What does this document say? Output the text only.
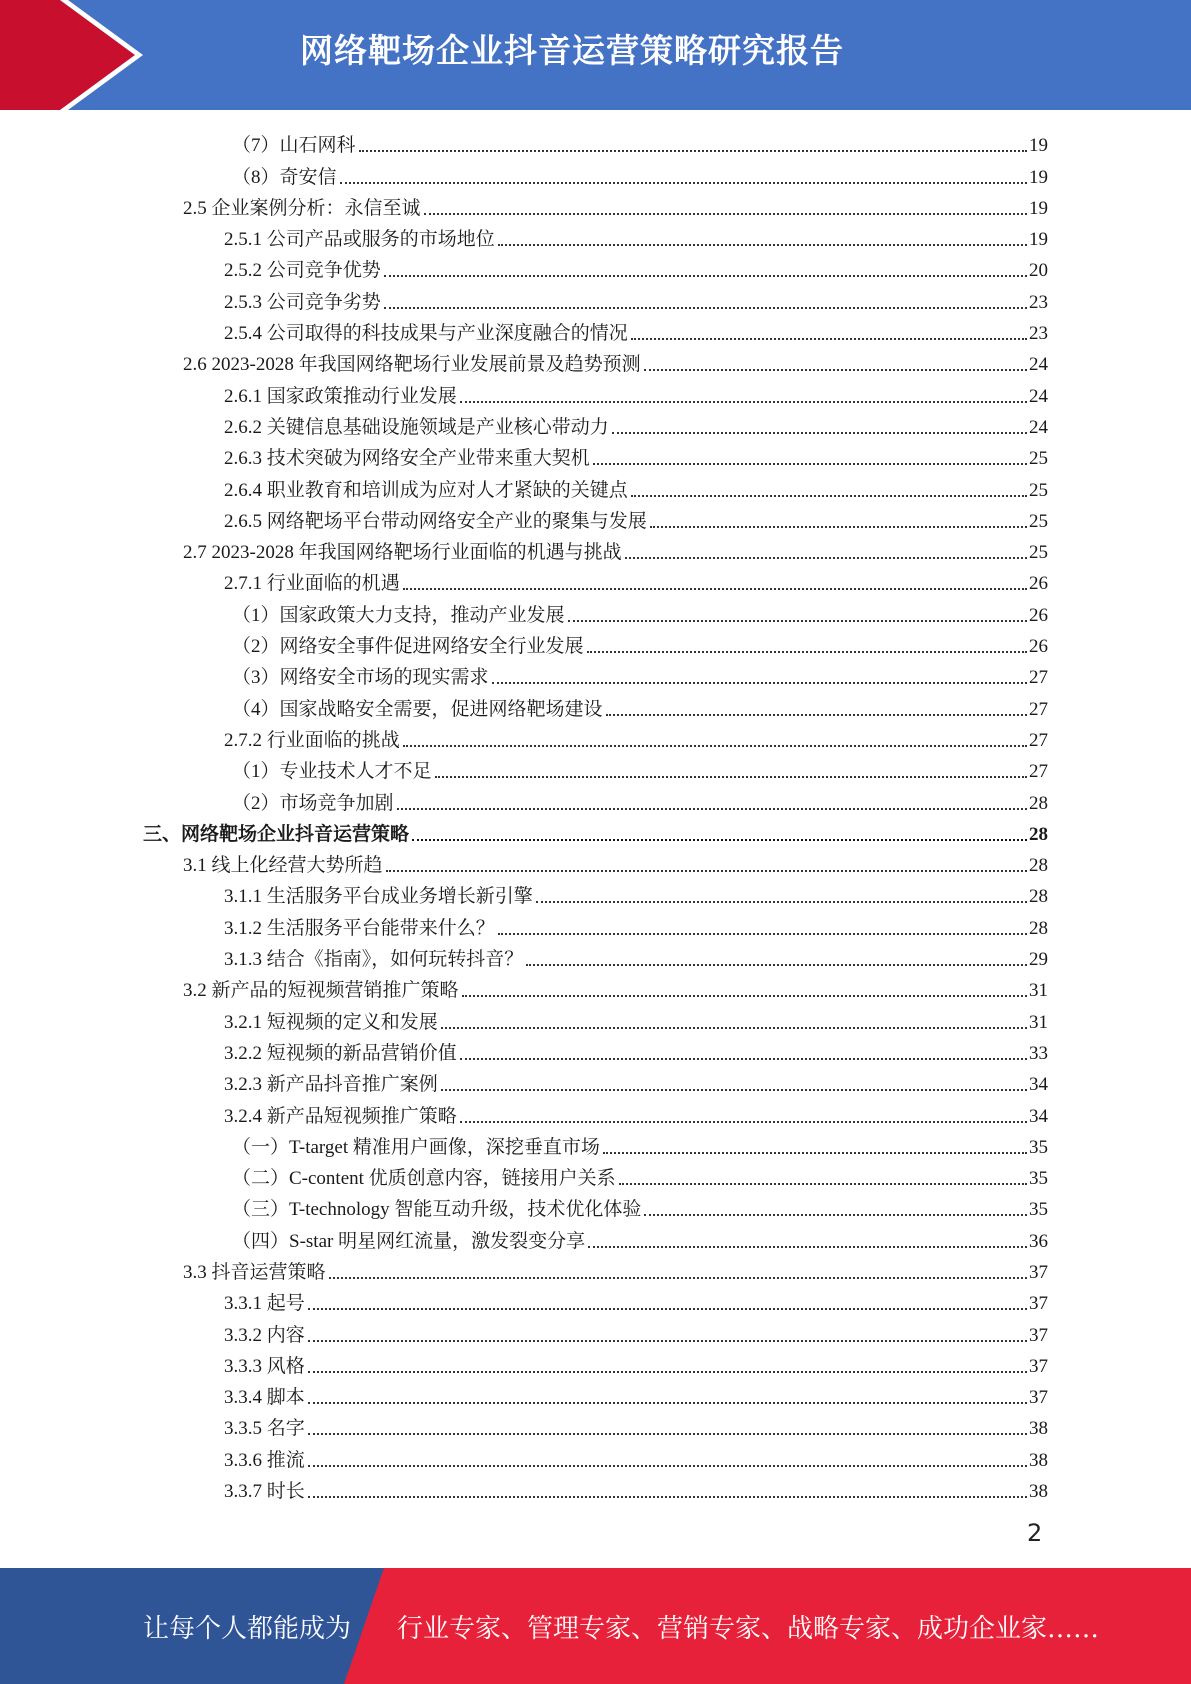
网络靶场企业抖音运营策略研究报告
（7）山石网科	19
（8）奇安信	19
2.5 企业案例分析：永信至诚	19
2.5.1 公司产品或服务的市场地位	19
2.5.2 公司竞争优势	20
2.5.3 公司竞争劣势	23
2.5.4 公司取得的科技成果与产业深度融合的情况	23
2.6 2023-2028 年我国网络靶场行业发展前景及趋势预测	24
2.6.1 国家政策推动行业发展	24
2.6.2 关键信息基础设施领域是产业核心带动力	24
2.6.3 技术突破为网络安全产业带来重大契机	25
2.6.4 职业教育和培训成为应对人才紧缺的关键点	25
2.6.5 网络靶场平台带动网络安全产业的聚集与发展	25
2.7 2023-2028 年我国网络靶场行业面临的机遇与挑战	25
2.7.1 行业面临的机遇	26
（1）国家政策大力支持，推动产业发展	26
（2）网络安全事件促进网络安全行业发展	26
（3）网络安全市场的现实需求	27
（4）国家战略安全需要，促进网络靶场建设	27
2.7.2 行业面临的挑战	27
（1）专业技术人才不足	27
（2）市场竞争加剧	28
三、网络靶场企业抖音运营策略	28
3.1 线上化经营大势所趋	28
3.1.1 生活服务平台成业务增长新引擎	28
3.1.2 生活服务平台能带来什么？	28
3.1.3 结合《指南》，如何玩转抖音？	29
3.2 新产品的短视频营销推广策略	31
3.2.1 短视频的定义和发展	31
3.2.2 短视频的新品营销价值	33
3.2.3 新产品抖音推广案例	34
3.2.4 新产品短视频推广策略	34
（一）T-target 精准用户画像，深挖垂直市场	35
（二）C-content 优质创意内容，链接用户关系	35
（三）T-technology 智能互动升级，技术优化体验	35
（四）S-star 明星网红流量，激发裂变分享	36
3.3 抖音运营策略	37
3.3.1 起号	37
3.3.2 内容	37
3.3.3 风格	37
3.3.4 脚本	37
3.3.5 名字	38
3.3.6 推流	38
3.3.7 时长	38
2
让每个人都能成为 行业专家、管理专家、营销专家、战略专家、成功企业家……
